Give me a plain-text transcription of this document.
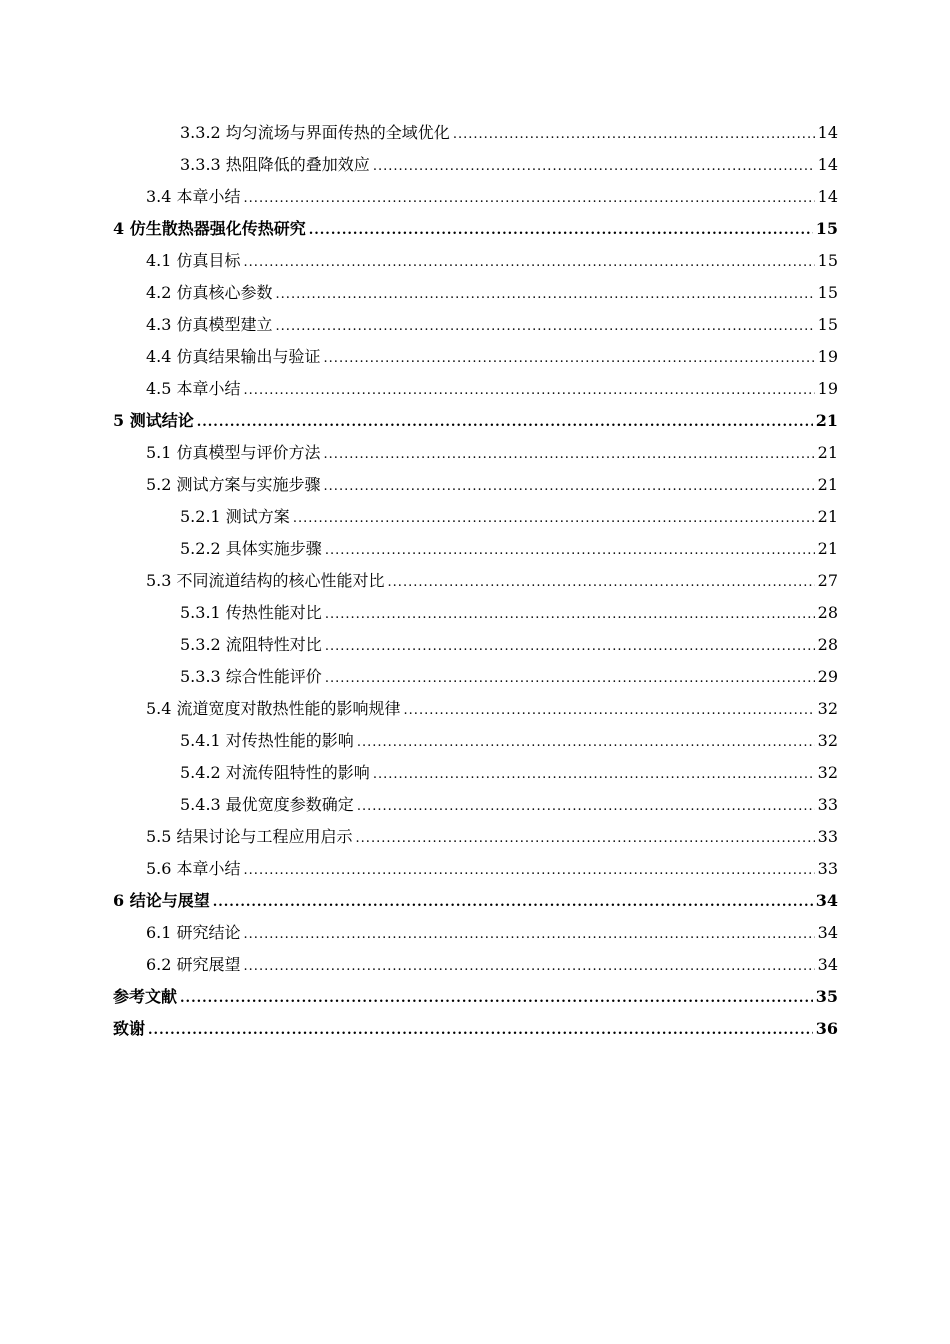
3.3.2 均匀流场与界面传热的全域优化 .....	14
3.3.3 热阻降低的叠加效应 .....	14
3.4 本章小结 .....	14
4 仿生散热器强化传热研究 .....	15
4.1 仿真目标 .....	15
4.2 仿真核心参数 .....	15
4.3 仿真模型建立 .....	15
4.4 仿真结果输出与验证 .....	19
4.5 本章小结 .....	19
5 测试结论 .....	21
5.1 仿真模型与评价方法 .....	21
5.2 测试方案与实施步骤 .....	21
5.2.1 测试方案 .....	21
5.2.2 具体实施步骤 .....	21
5.3 不同流道结构的核心性能对比 .....	27
5.3.1 传热性能对比 .....	28
5.3.2 流阻特性对比 .....	28
5.3.3 综合性能评价 .....	29
5.4 流道宽度对散热性能的影响规律 .....	32
5.4.1 对传热性能的影响 .....	32
5.4.2 对流传阻特性的影响 .....	32
5.4.3 最优宽度参数确定 .....	33
5.5 结果讨论与工程应用启示 .....	33
5.6 本章小结 .....	33
6 结论与展望 .....	34
6.1 研究结论 .....	34
6.2 研究展望 .....	34
参考文献 .....	35
致谢 .....	36
